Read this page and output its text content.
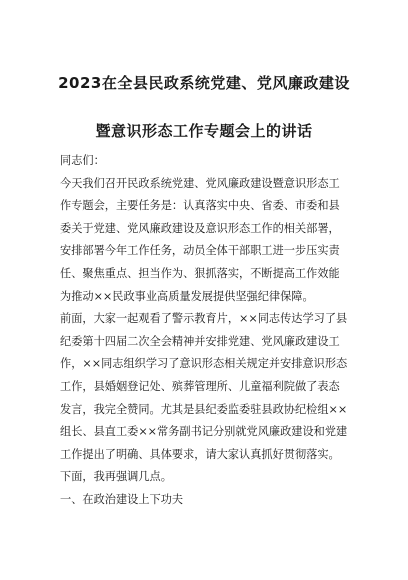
2023在全县民政系统党建、党风廉政建设
暨意识形态工作专题会上的讲话
同志们：
今天我们召开民政系统党建、党风廉政建设暨意识形态工
作专题会，主要任务是：认真落实中央、省委、市委和县
委关于党建、党风廉政建设及意识形态工作的相关部署，
安排部署今年工作任务，动员全体干部职工进一步压实责
任、聚焦重点、担当作为、狠抓落实，不断提高工作效能
为推动××民政事业高质量发展提供坚强纪律保障。
前面，大家一起观看了警示教育片，××同志传达学习了县
纪委第十四届二次全会精神并安排党建、党风廉政建设工
作，××同志组织学习了意识形态相关规定并安排意识形态
工作，县婚姻登记处、殡葬管理所、儿童福利院做了表态
发言，我完全赞同。尤其是县纪委监委驻县政协纪检组××
组长、县直工委××常务副书记分别就党风廉政建设和党建
工作提出了明确、具体要求，请大家认真抓好贯彻落实。
下面，我再强调几点。
一、在政治建设上下功夫
